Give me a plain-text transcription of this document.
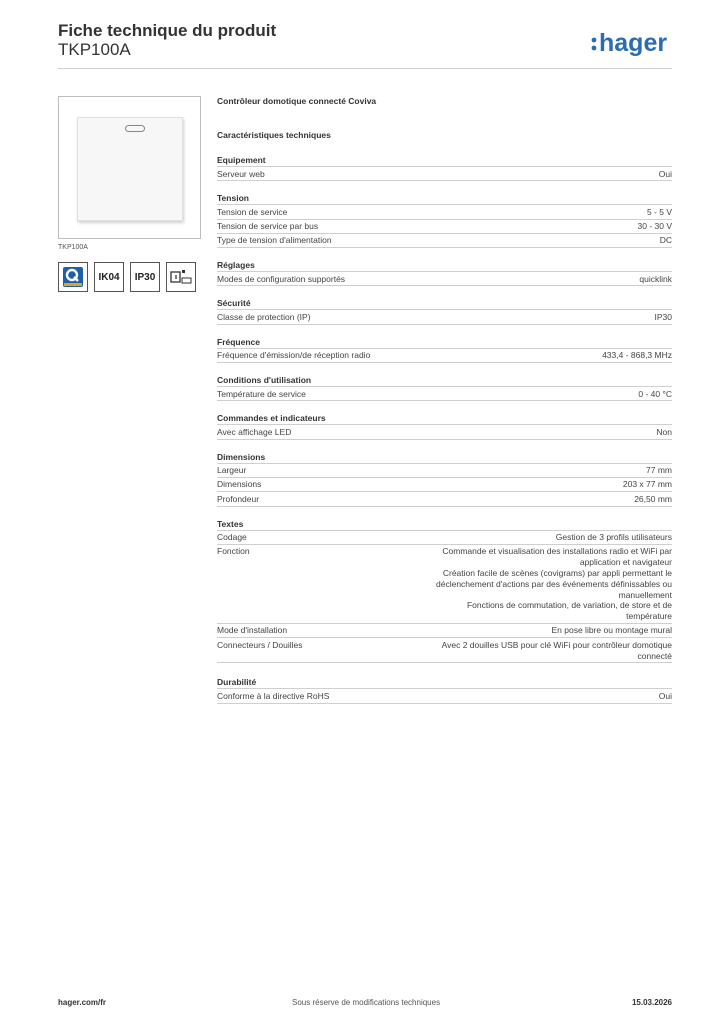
Fiche technique du produit
TKP100A	hager
TKP100A
IK04	IP30
Contrôleur domotique connecté Coviva
Caractéristiques techniques
Equipement
Serveur web	Oui
Tension
Tension de service	5 - 5 V
Tension de service par bus	30 - 30 V
Type de tension d'alimentation	DC
Réglages
Modes de configuration supportés	quicklink
Sécurité
Classe de protection (IP)	IP30
Fréquence
Fréquence d'émission/de réception radio	433,4 - 868,3 MHz
Conditions d'utilisation
Température de service	0 - 40 °C
Commandes et indicateurs
Avec affichage LED	Non
Dimensions
Largeur	77 mm
Dimensions	203 x 77 mm
Profondeur	26,50 mm
Textes
Codage	Gestion de 3 profils utilisateurs
Fonction	Commande et visualisation des installations radio et WiFi par
application et navigateur
Création facile de scènes (covigrams) par appli permettant le
déclenchement d'actions par des événements définissables ou
manuellement
Fonctions de commutation, de variation, de store et de
température
Mode d'installation	En pose libre ou montage mural
Connecteurs / Douilles	Avec 2 douilles USB pour clé WiFi pour contrôleur domotique
connecté
Durabilité
Conforme à la directive RoHS	Oui
hager.com/fr	Sous réserve de modifications techniques	15.03.2026
